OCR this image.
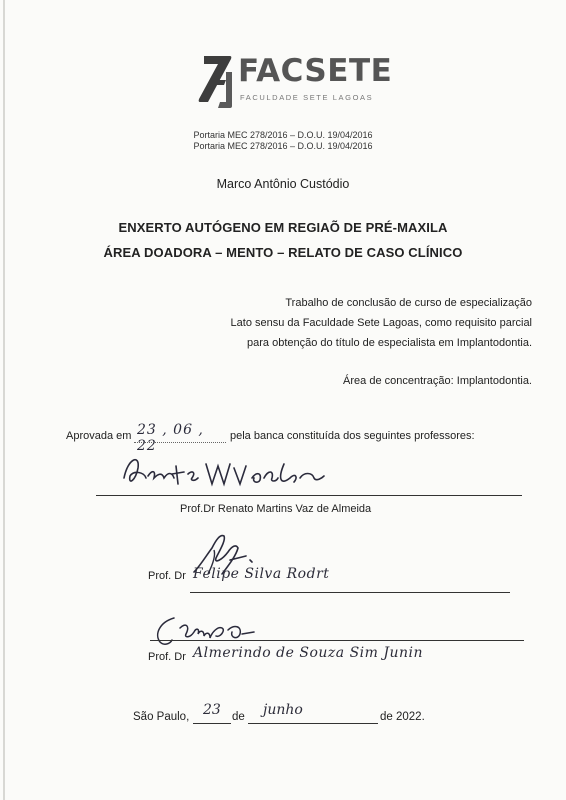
FACSETE
FACULDADE SETE LAGOAS
Portaria MEC 278/2016 – D.O.U. 19/04/2016
Portaria MEC 278/2016 – D.O.U. 19/04/2016
Marco Antônio Custódio
ENXERTO AUTÓGENO EM REGIAÕ DE PRÉ-MAXILA
ÁREA DOADORA – MENTO – RELATO DE CASO CLÍNICO
Trabalho de conclusão de curso de especialização
Lato sensu da Faculdade Sete Lagoas, como requisito parcial
para obtenção do título de especialista em Implantodontia.
Área de concentração: Implantodontia.
Aprovada em 23 , 06 , 22
pela banca constituída dos seguintes professores:
Prof.Dr Renato Martins Vaz de Almeida
Prof. Dr Felipe Silva Rodrt
Prof. Dr Almerindo de Souza Sim Junin
São Paulo, 23 de junho	de 2022.
